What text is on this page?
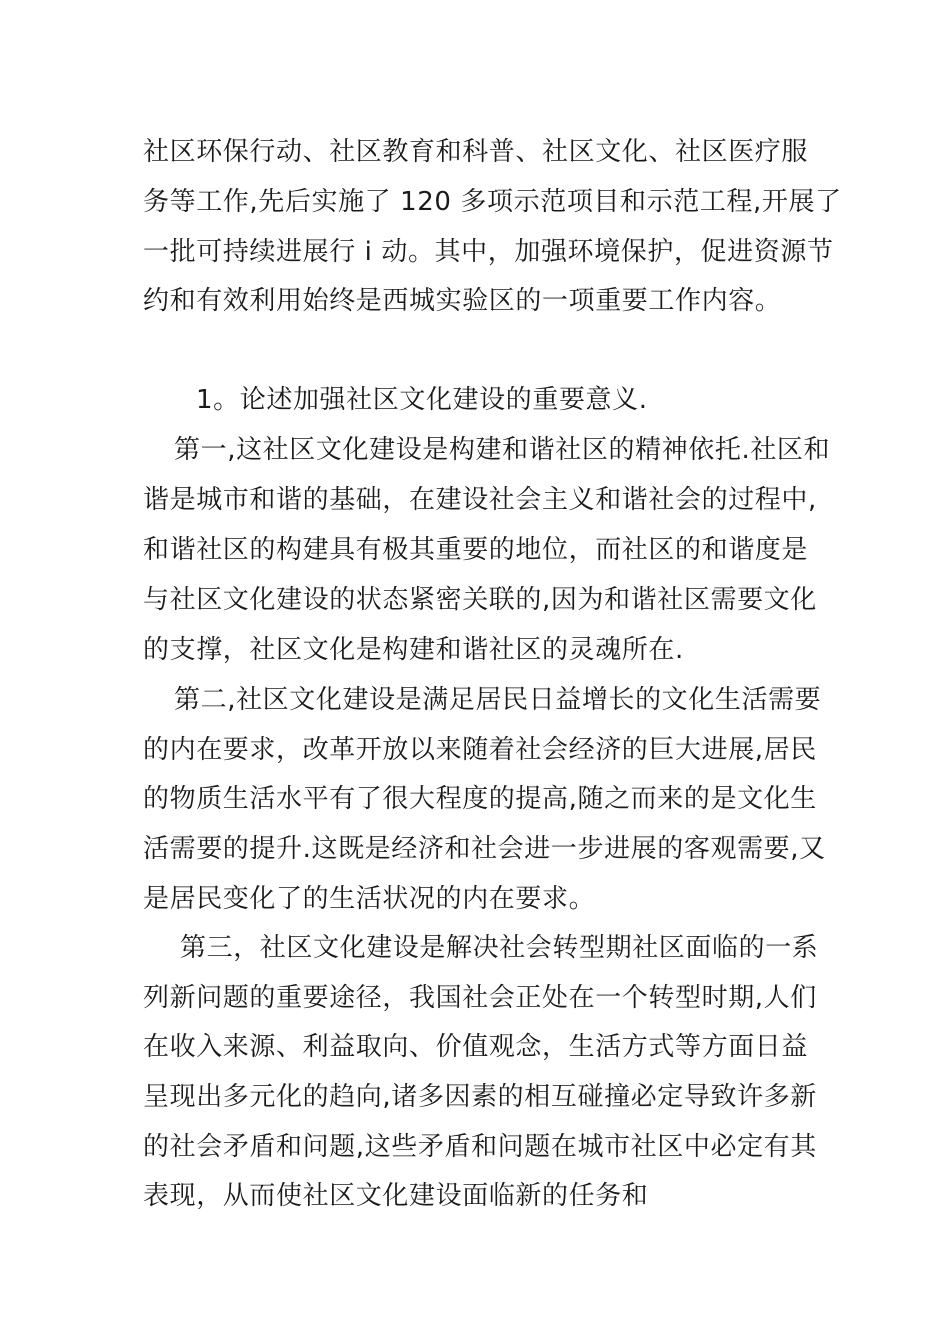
社区环保行动、社区教育和科普、社区文化、社区医疗服
务等工作,先后实施了 120 多项示范项目和示范工程,开展了
一批可持续进展行 i 动。其中，加强环境保护，促进资源节
约和有效利用始终是西城实验区的一项重要工作内容。
1。论述加强社区文化建设的重要意义.
第一,这社区文化建设是构建和谐社区的精神依托.社区和
谐是城市和谐的基础，在建设社会主义和谐社会的过程中,
和谐社区的构建具有极其重要的地位，而社区的和谐度是
与社区文化建设的状态紧密关联的,因为和谐社区需要文化
的支撑，社区文化是构建和谐社区的灵魂所在.
第二,社区文化建设是满足居民日益增长的文化生活需要
的内在要求，改革开放以来随着社会经济的巨大进展,居民
的物质生活水平有了很大程度的提高,随之而来的是文化生
活需要的提升.这既是经济和社会进一步进展的客观需要,又
是居民变化了的生活状况的内在要求。
第三，社区文化建设是解决社会转型期社区面临的一系
列新问题的重要途径，我国社会正处在一个转型时期,人们
在收入来源、利益取向、价值观念，生活方式等方面日益
呈现出多元化的趋向,诸多因素的相互碰撞必定导致许多新
的社会矛盾和问题,这些矛盾和问题在城市社区中必定有其
表现，从而使社区文化建设面临新的任务和
